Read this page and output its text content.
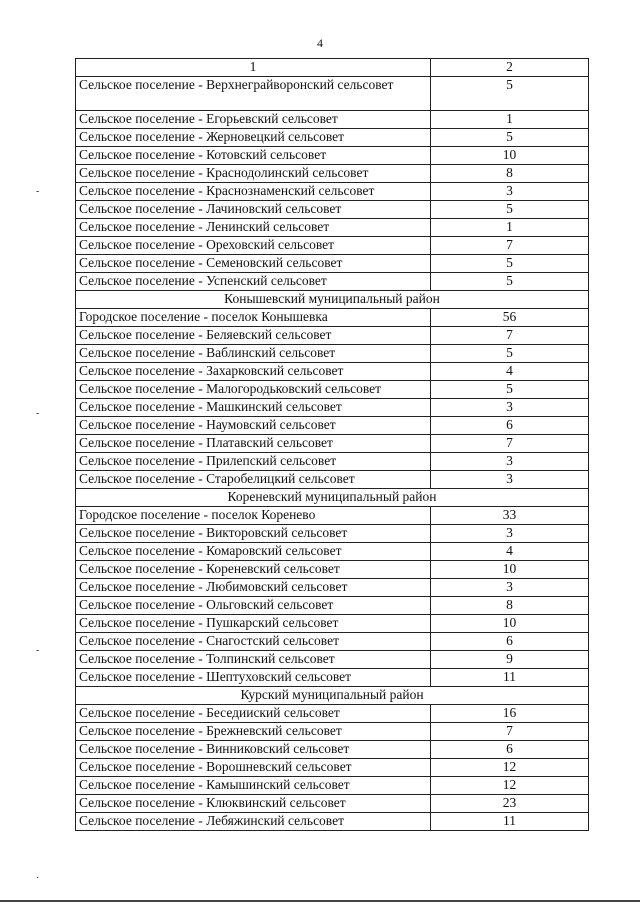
4
1	2
Сельское поселение - Верхнеграйворонский сельсовет	5
Сельское поселение - Егорьевский сельсовет	1
Сельское поселение - Жерновецкий сельсовет	5
Сельское поселение - Котовский сельсовет	10
Сельское поселение - Краснодолинский сельсовет	8
Сельское поселение - Краснознаменский сельсовет	3
Сельское поселение - Лачиновский сельсовет	5
Сельское поселение - Ленинский сельсовет	1
Сельское поселение - Ореховский сельсовет	7
Сельское поселение - Семеновский сельсовет	5
Сельское поселение - Успенский сельсовет	5
Конышевский муниципальный район	
Городское поселение - поселок Конышевка	56
Сельское поселение - Беляевский сельсовет	7
Сельское поселение - Ваблинский сельсовет	5
Сельское поселение - Захарковский сельсовет	4
Сельское поселение - Малогородьковский сельсовет	5
Сельское поселение - Машкинский сельсовет	3
Сельское поселение - Наумовский сельсовет	6
Сельское поселение - Платавский сельсовет	7
Сельское поселение - Прилепский сельсовет	3
Сельское поселение - Старобелицкий сельсовет	3
Кореневский муниципальный район	
Городское поселение - поселок Коренево	33
Сельское поселение - Викторовский сельсовет	3
Сельское поселение - Комаровский сельсовет	4
Сельское поселение - Кореневский сельсовет	10
Сельское поселение - Любимовский сельсовет	3
Сельское поселение - Ольговский сельсовет	8
Сельское поселение - Пушкарский сельсовет	10
Сельское поселение - Снагостский сельсовет	6
Сельское поселение - Толпинский сельсовет	9
Сельское поселение - Шептуховский сельсовет	11
Курский муниципальный район	
Сельское поселение - Беседииский сельсовет	16
Сельское поселение - Брежневский сельсовет	7
Сельское поселение - Винниковский сельсовет	6
Сельское поселение - Ворошневский сельсовет	12
Сельское поселение - Камышинский сельсовет	12
Сельское поселение - Клюквинский сельсовет	23
Сельское поселение - Лебяжинский сельсовет	11
-
-
-
·
